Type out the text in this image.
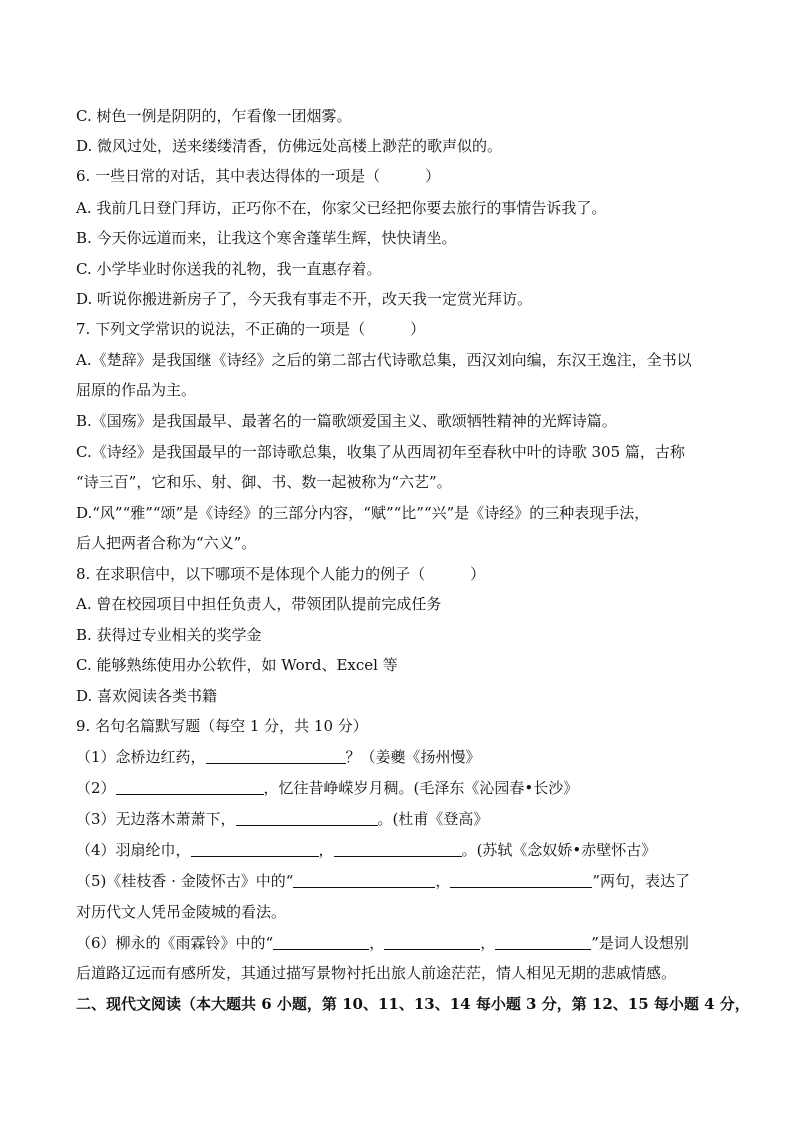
C. 树色一例是阴阴的，乍看像一团烟雾。
D. 微风过处，送来缕缕清香，仿佛远处高楼上渺茫的歌声似的。
6. 一些日常的对话，其中表达得体的一项是（　　　）
A. 我前几日登门拜访，正巧你不在，你家父已经把你要去旅行的事情告诉我了。
B. 今天你远道而来，让我这个寒舍蓬荜生辉，快快请坐。
C. 小学毕业时你送我的礼物，我一直惠存着。
D. 听说你搬进新房子了，今天我有事走不开，改天我一定赏光拜访。
7. 下列文学常识的说法，不正确的一项是（　　　）
A.《楚辞》是我国继《诗经》之后的第二部古代诗歌总集，西汉刘向编，东汉王逸注，全书以
屈原的作品为主。
B.《国殇》是我国最早、最著名的一篇歌颂爱国主义、歌颂牺牲精神的光辉诗篇。
C.《诗经》是我国最早的一部诗歌总集，收集了从西周初年至春秋中叶的诗歌 305 篇，古称
“诗三百”，它和乐、射、御、书、数一起被称为“六艺”。
D.“风”“雅”“颂”是《诗经》的三部分内容，“赋”“比”“兴”是《诗经》的三种表现手法，
后人把两者合称为“六义”。
8. 在求职信中，以下哪项不是体现个人能力的例子（　　　）
A. 曾在校园项目中担任负责人，带领团队提前完成任务
B. 获得过专业相关的奖学金
C. 能够熟练使用办公软件，如 Word、Excel 等
D. 喜欢阅读各类书籍
9. 名句名篇默写题（每空 1 分，共 10 分）
（1）念桥边红药，	？（姜夔《扬州慢》
（2）	，忆往昔峥嵘岁月稠。(毛泽东《沁园春•长沙》
（3）无边落木萧萧下，	。(杜甫《登高》
（4）羽扇纶巾，	，	。(苏轼《念奴娇•赤壁怀古》
（5)《桂枝香 · 金陵怀古》中的“	，	”两句，表达了
对历代文人凭吊金陵城的看法。
（6）柳永的《雨霖铃》中的“	，	，	”是词人设想别
后道路辽远而有感所发，其通过描写景物衬托出旅人前途茫茫，情人相见无期的悲戚情感。
二、现代文阅读（本大题共 6 小题，第 10、11、13、14 每小题 3 分，第 12、15 每小题 4 分，
